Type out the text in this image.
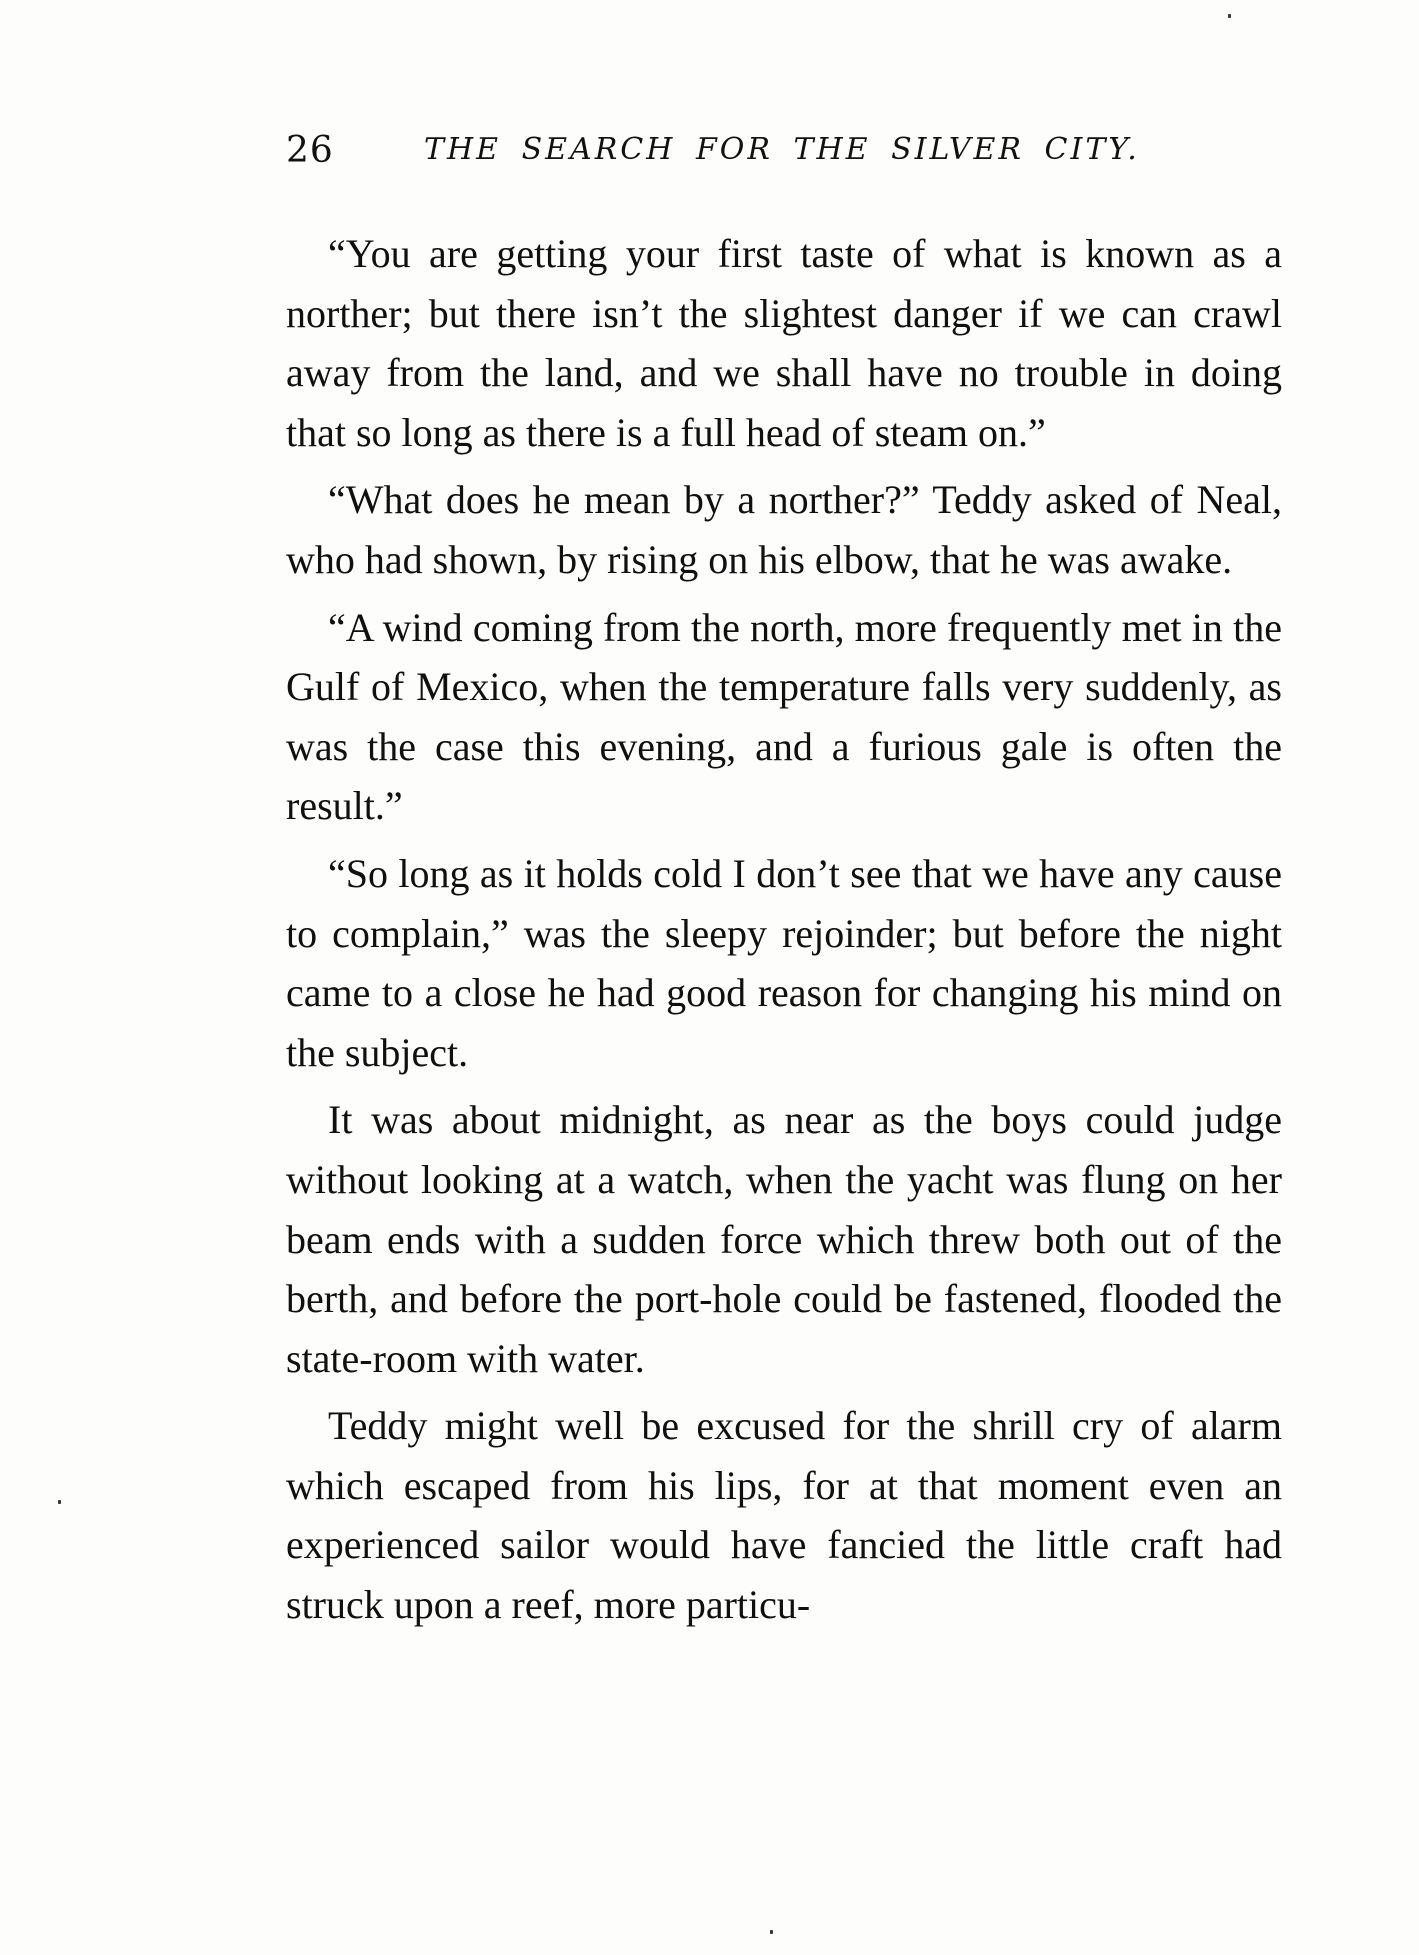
26	THE SEARCH FOR THE SILVER CITY.

“You are getting your first taste of what is known as a norther; but there isn’t the slightest danger if we can crawl away from the land, and we shall have no trouble in doing that so long as there is a full head of steam on.”

“What does he mean by a norther?” Teddy asked of Neal, who had shown, by rising on his elbow, that he was awake.

“A wind coming from the north, more frequently met in the Gulf of Mexico, when the temperature falls very suddenly, as was the case this evening, and a furious gale is often the result.”

“So long as it holds cold I don’t see that we have any cause to complain,” was the sleepy rejoinder; but before the night came to a close he had good reason for changing his mind on the subject.

It was about midnight, as near as the boys could judge without looking at a watch, when the yacht was flung on her beam ends with a sudden force which threw both out of the berth, and before the port-hole could be fastened, flooded the state-room with water.

Teddy might well be excused for the shrill cry of alarm which escaped from his lips, for at that moment even an experienced sailor would have fancied the little craft had struck upon a reef, more particu-
